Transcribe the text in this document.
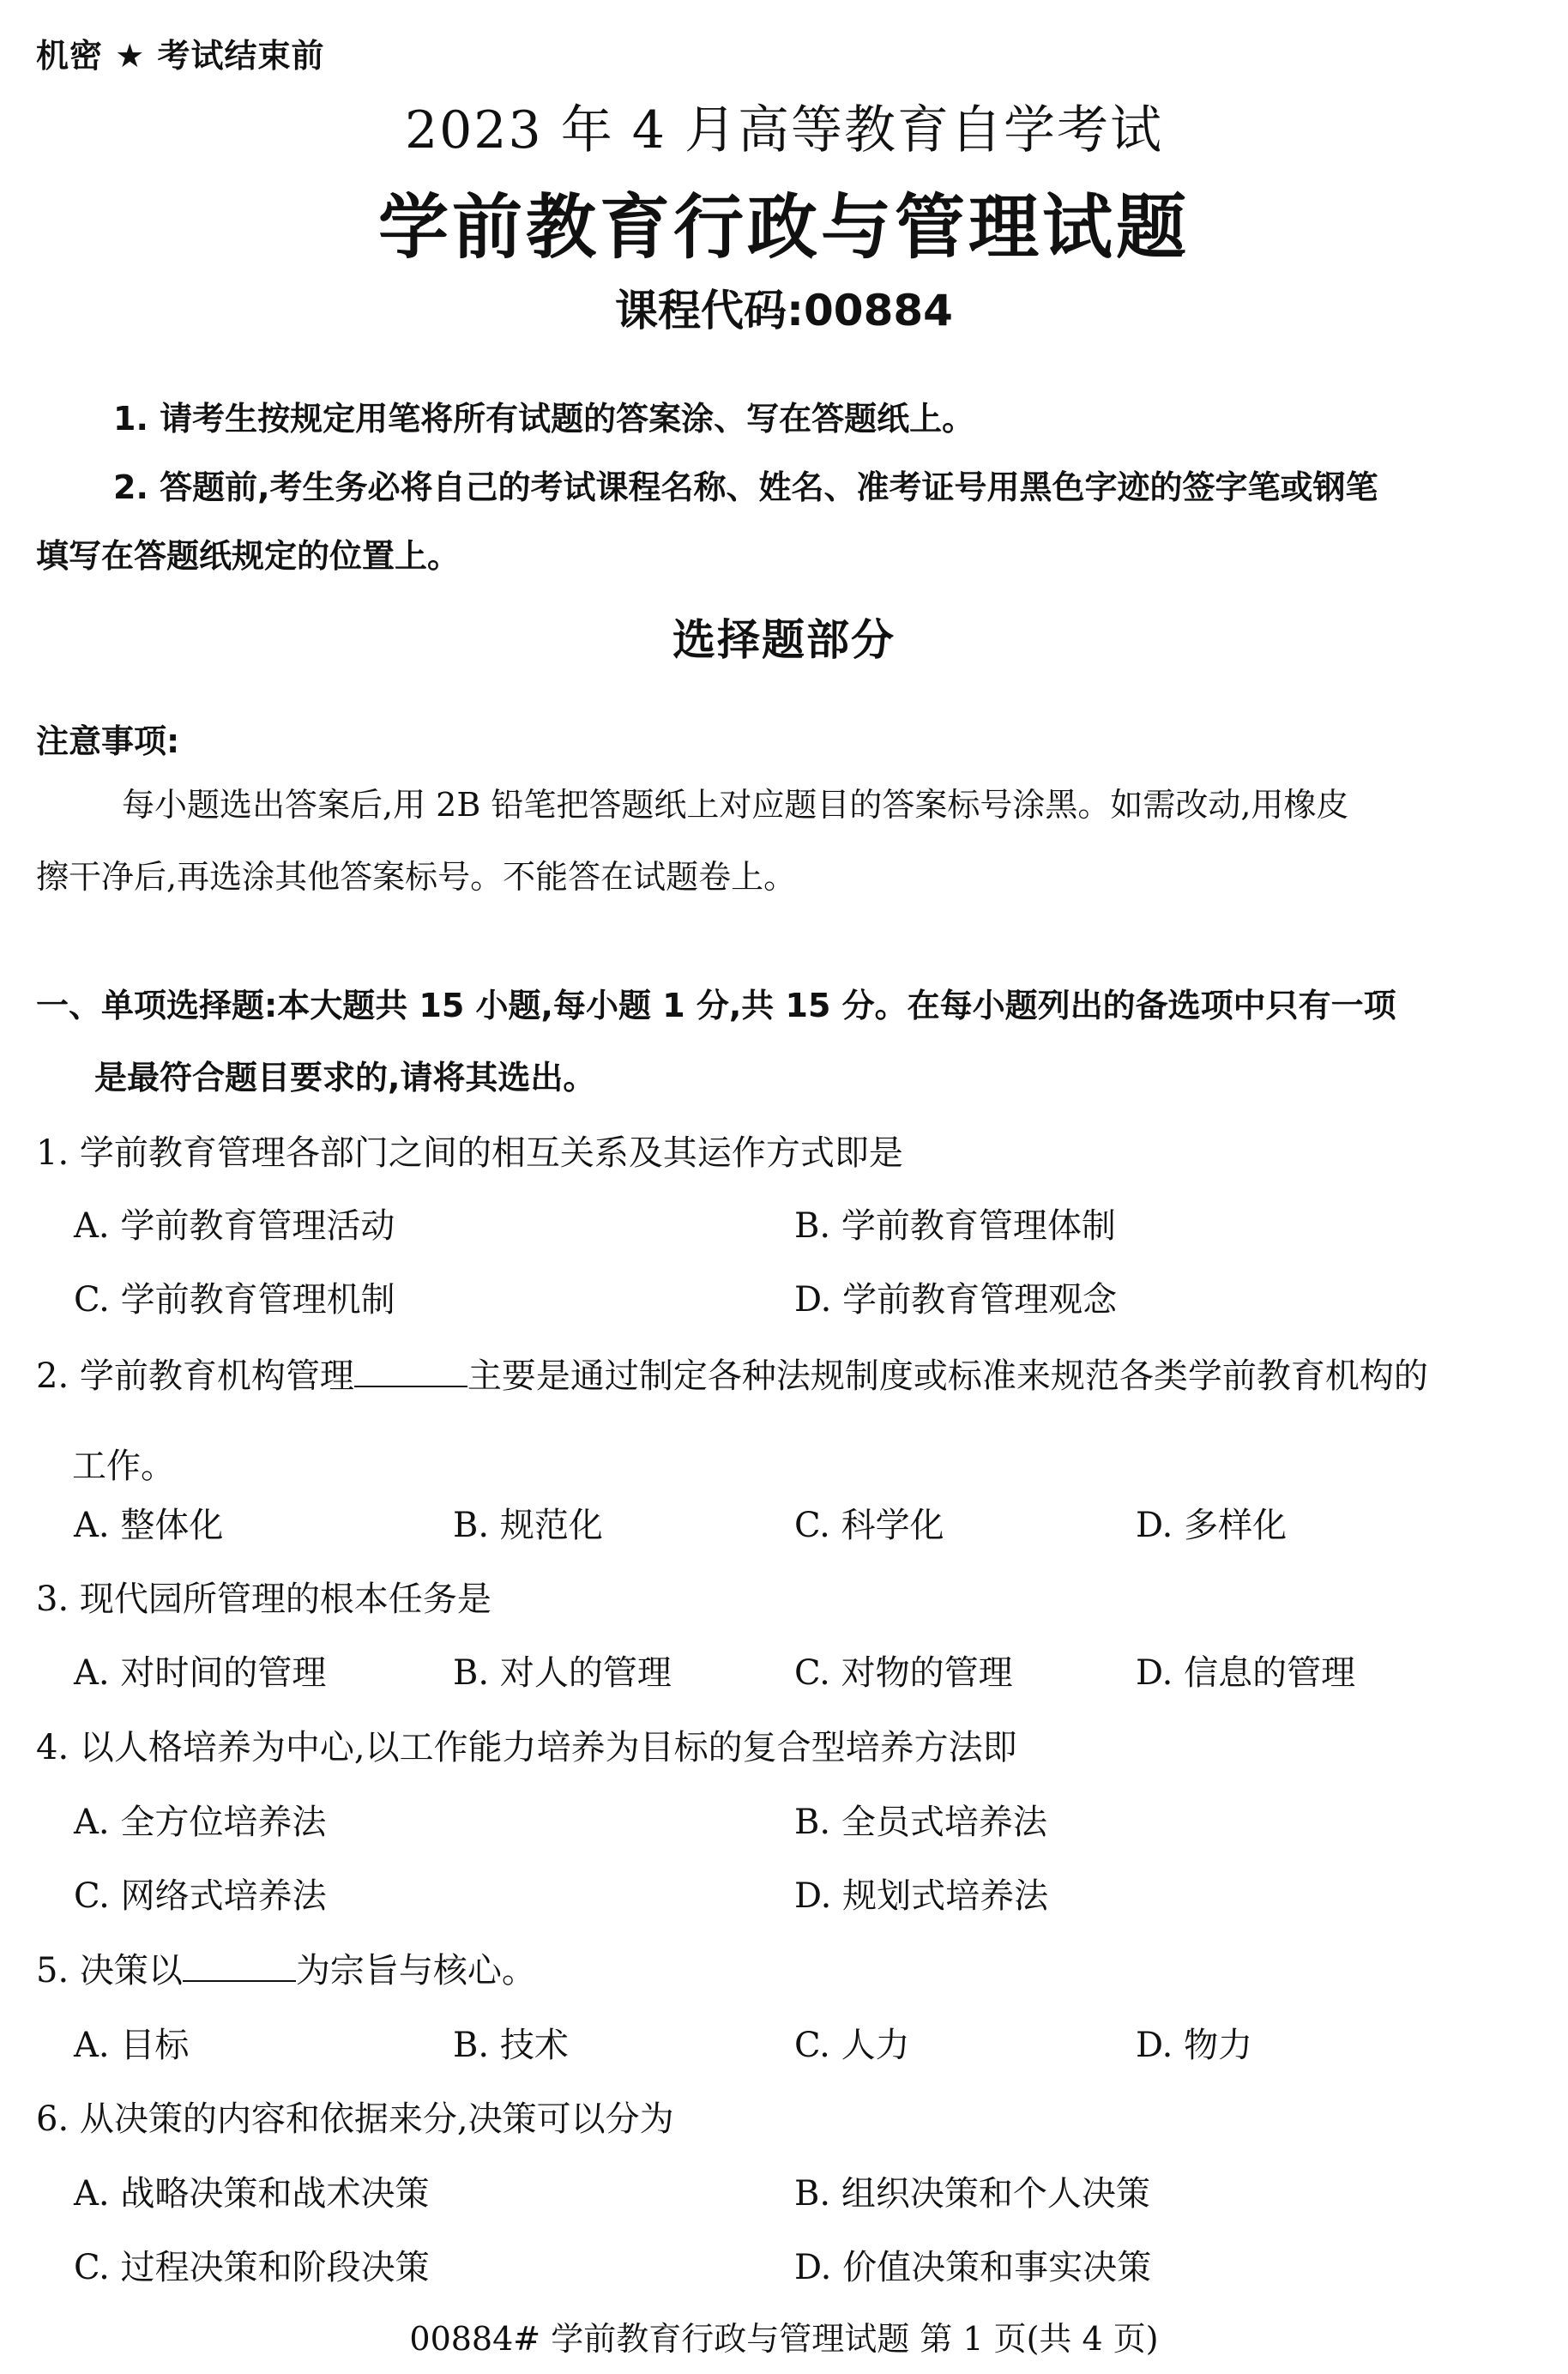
机密 ★ 考试结束前
2023 年 4 月高等教育自学考试
学前教育行政与管理试题
课程代码:00884
1. 请考生按规定用笔将所有试题的答案涂、写在答题纸上。
2. 答题前,考生务必将自己的考试课程名称、姓名、准考证号用黑色字迹的签字笔或钢笔
填写在答题纸规定的位置上。
选择题部分
注意事项:
每小题选出答案后,用 2B 铅笔把答题纸上对应题目的答案标号涂黑。如需改动,用橡皮
擦干净后,再选涂其他答案标号。不能答在试题卷上。
一、单项选择题:本大题共 15 小题,每小题 1 分,共 15 分。在每小题列出的备选项中只有一项
是最符合题目要求的,请将其选出。
1. 学前教育管理各部门之间的相互关系及其运作方式即是
A. 学前教育管理活动	B. 学前教育管理体制
C. 学前教育管理机制	D. 学前教育管理观念
2. 学前教育机构管理	主要是通过制定各种法规制度或标准来规范各类学前教育机构的
工作。
A. 整体化	B. 规范化	C. 科学化	D. 多样化
3. 现代园所管理的根本任务是
A. 对时间的管理	B. 对人的管理	C. 对物的管理	D. 信息的管理
4. 以人格培养为中心,以工作能力培养为目标的复合型培养方法即
A. 全方位培养法	B. 全员式培养法
C. 网络式培养法	D. 规划式培养法
5. 决策以	为宗旨与核心。
A. 目标	B. 技术	C. 人力	D. 物力
6. 从决策的内容和依据来分,决策可以分为
A. 战略决策和战术决策	B. 组织决策和个人决策
C. 过程决策和阶段决策	D. 价值决策和事实决策
00884# 学前教育行政与管理试题 第 1 页(共 4 页)
